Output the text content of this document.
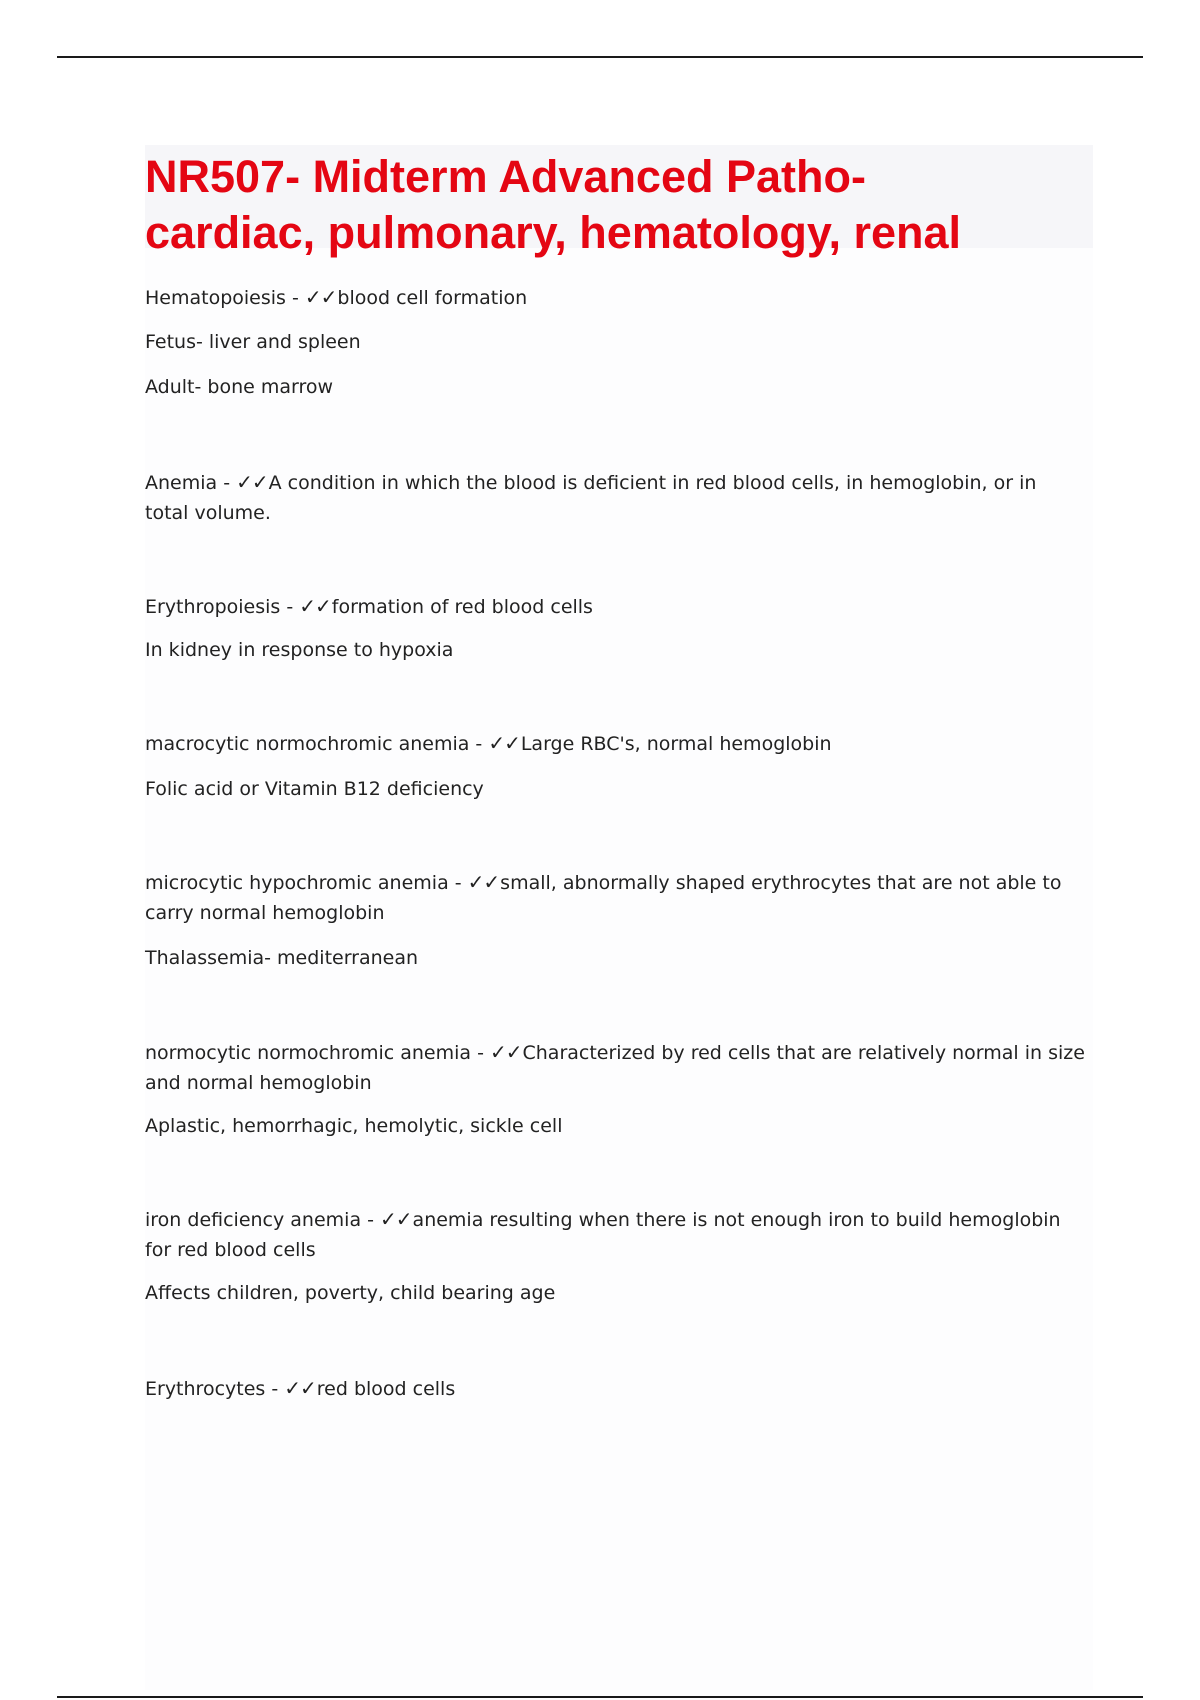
NR507- Midterm Advanced Patho-

cardiac, pulmonary, hematology, renal

Hematopoiesis - ✓✓blood cell formation

Fetus- liver and spleen

Adult- bone marrow

Anemia - ✓✓A condition in which the blood is deficient in red blood cells, in hemoglobin, or in total volume.

Erythropoiesis - ✓✓formation of red blood cells

In kidney in response to hypoxia

macrocytic normochromic anemia - ✓✓Large RBC's, normal hemoglobin

Folic acid or Vitamin B12 deficiency

microcytic hypochromic anemia - ✓✓small, abnormally shaped erythrocytes that are not able to carry normal hemoglobin

Thalassemia- mediterranean

normocytic normochromic anemia - ✓✓Characterized by red cells that are relatively normal in size and normal hemoglobin

Aplastic, hemorrhagic, hemolytic, sickle cell

iron deficiency anemia - ✓✓anemia resulting when there is not enough iron to build hemoglobin for red blood cells

Affects children, poverty, child bearing age

Erythrocytes - ✓✓red blood cells
